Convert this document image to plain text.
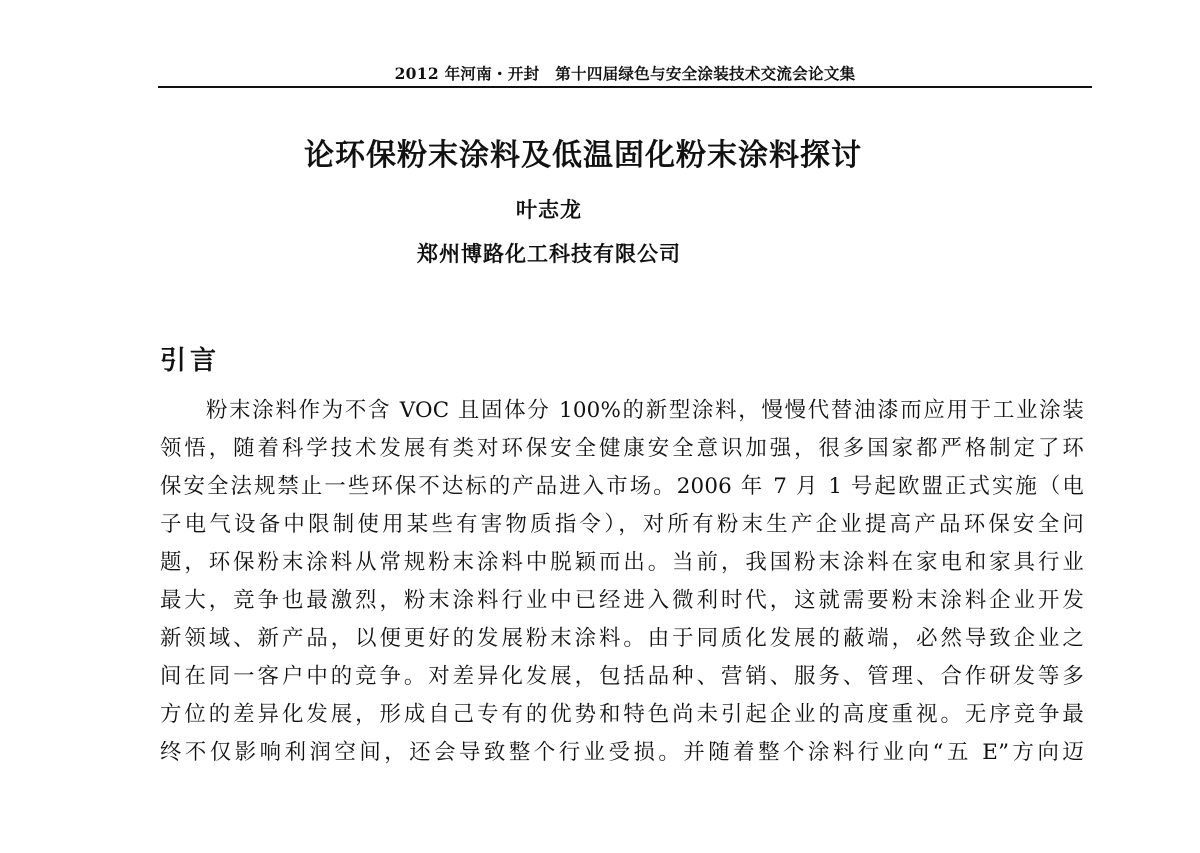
2012 年河南・开封　第十四届绿色与安全涂装技术交流会论文集
论环保粉末涂料及低温固化粉末涂料探讨
叶志龙
郑州博路化工科技有限公司
引言
粉末涂料作为不含 VOC 且固体分 100%的新型涂料，慢慢代替油漆而应用于工业涂装
领悟，随着科学技术发展有类对环保安全健康安全意识加强，很多国家都严格制定了环
保安全法规禁止一些环保不达标的产品进入市场。2006 年 7 月 1 号起欧盟正式实施（电
子电气设备中限制使用某些有害物质指令），对所有粉末生产企业提高产品环保安全问
题，环保粉末涂料从常规粉末涂料中脱颖而出。当前，我国粉末涂料在家电和家具行业
最大，竞争也最激烈，粉末涂料行业中已经进入微利时代，这就需要粉末涂料企业开发
新领域、新产品，以便更好的发展粉末涂料。由于同质化发展的蔽端，必然导致企业之
间在同一客户中的竞争。对差异化发展，包括品种、营销、服务、管理、合作研发等多
方位的差异化发展，形成自己专有的优势和特色尚未引起企业的高度重视。无序竞争最
终不仅影响利润空间，还会导致整个行业受损。并随着整个涂料行业向“五 E”方向迈
